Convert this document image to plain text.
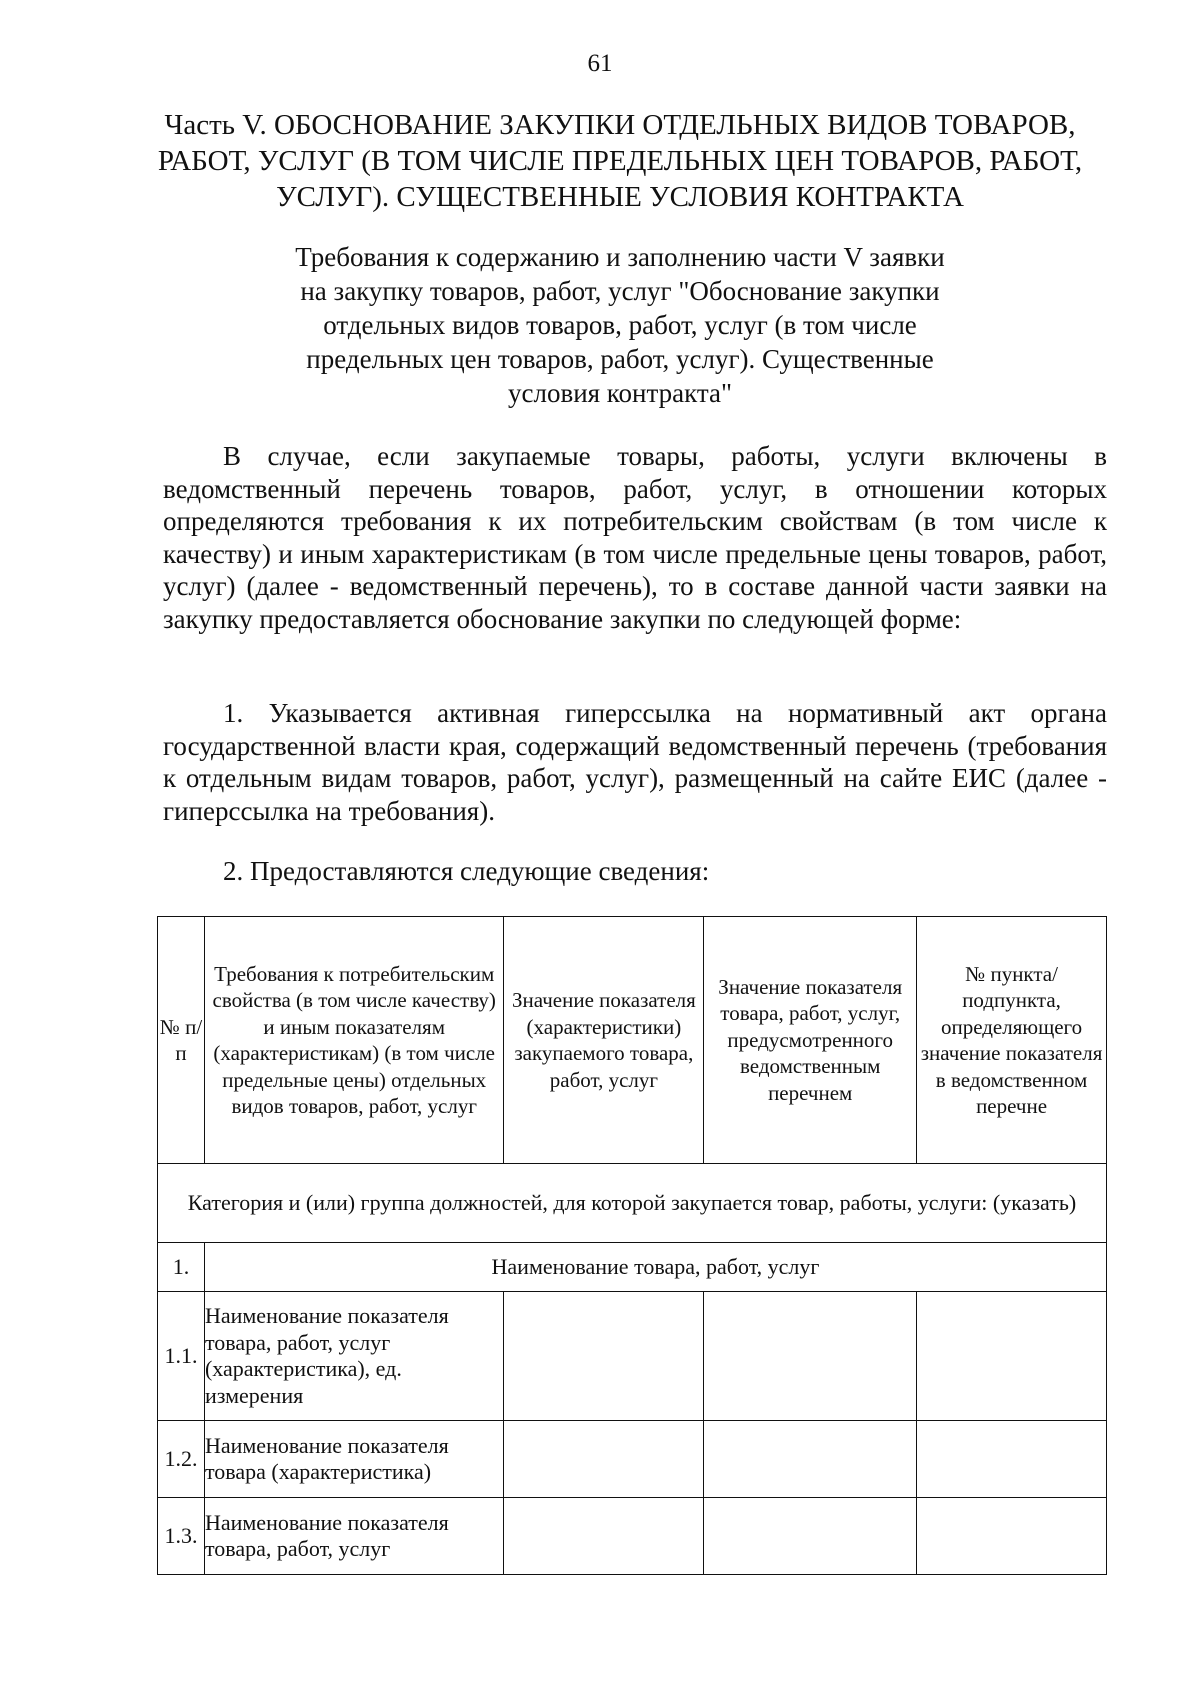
61
Часть V. ОБОСНОВАНИЕ ЗАКУПКИ ОТДЕЛЬНЫХ ВИДОВ ТОВАРОВ,
РАБОТ, УСЛУГ (В ТОМ ЧИСЛЕ ПРЕДЕЛЬНЫХ ЦЕН ТОВАРОВ, РАБОТ,
УСЛУГ). СУЩЕСТВЕННЫЕ УСЛОВИЯ КОНТРАКТА
Требования к содержанию и заполнению части V заявки
на закупку товаров, работ, услуг "Обоснование закупки
отдельных видов товаров, работ, услуг (в том числе
предельных цен товаров, работ, услуг). Существенные
условия контракта"

В случае, если закупаемые товары, работы, услуги включены в ведомственный перечень товаров, работ, услуг, в отношении которых определяются требования к их потребительским свойствам (в том числе к качеству) и иным характеристикам (в том числе предельные цены товаров, работ, услуг) (далее - ведомственный перечень), то в составе данной части заявки на закупку предоставляется обоснование закупки по следующей форме:

1. Указывается активная гиперссылка на нормативный акт органа государственной власти края, содержащий ведомственный перечень (требования к отдельным видам товаров, работ, услуг), размещенный на сайте ЕИС (далее - гиперссылка на требования).

2. Предоставляются следующие сведения:

№ п/п	Требования к потребительским свойства (в том числе качеству) и иным показателям (характеристикам) (в том числе предельные цены) отдельных видов товаров, работ, услуг	Значение показателя (характеристики) закупаемого товара, работ, услуг	Значение показателя товара, работ, услуг, предусмотренного ведомственным перечнем	№ пункта/ подпункта, определяющего значение показателя в ведомственном перечне
Категория и (или) группа должностей, для которой закупается товар, работы, услуги: (указать)				
1.	Наименование товара, работ, услуг			
1.1.	Наименование показателя товара, работ, услуг (характеристика), ед. измерения			
1.2.	Наименование показателя товара (характеристика)			
1.3.	Наименование показателя товара, работ, услуг			
